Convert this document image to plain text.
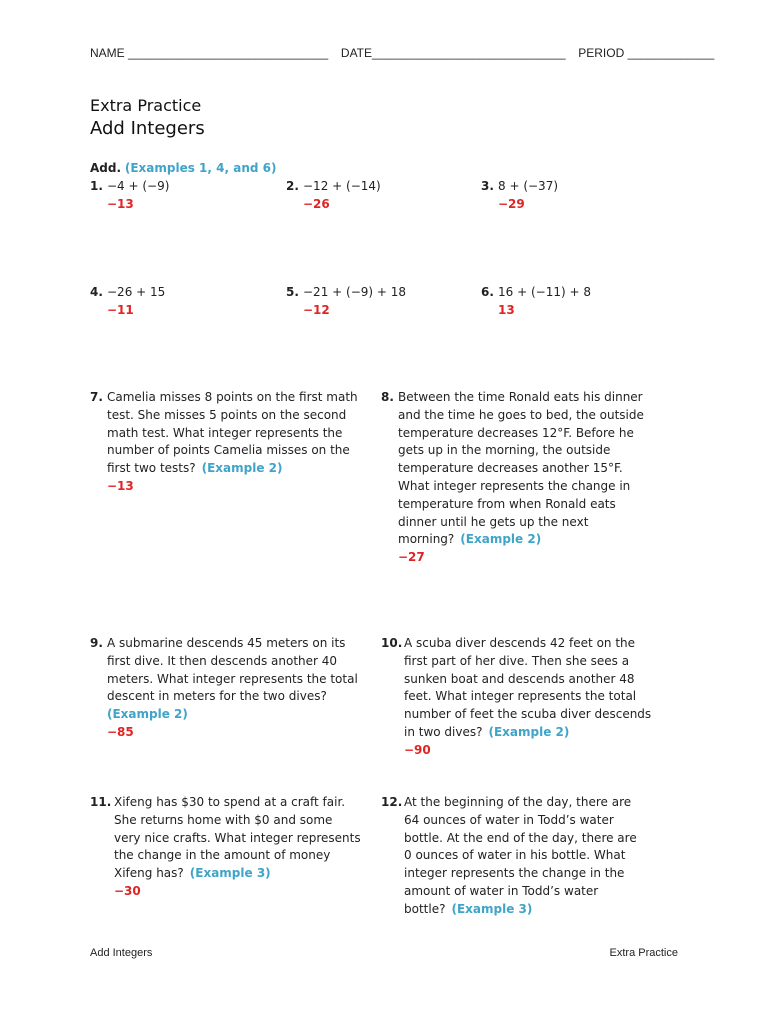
NAME ______________________________ DATE_____________________________ PERIOD _____________
Extra Practice
Add Integers
Add. (Examples 1, 4, and 6)
1. −4 + (−9)
−13
2. −12 + (−14)
−26
3. 8 + (−37)
−29
4. −26 + 15
−11
5. −21 + (−9) + 18
−12
6. 16 + (−11) + 8
13
7. Camelia misses 8 points on the first math
test. She misses 5 points on the second
math test. What integer represents the
number of points Camelia misses on the
first two tests? (Example 2)
−13
8. Between the time Ronald eats his dinner
and the time he goes to bed, the outside
temperature decreases 12°F. Before he
gets up in the morning, the outside
temperature decreases another 15°F.
What integer represents the change in
temperature from when Ronald eats
dinner until he gets up the next
morning? (Example 2)
−27
9. A submarine descends 45 meters on its
first dive. It then descends another 40
meters. What integer represents the total
descent in meters for the two dives?
−85
(Example 2)
10. A scuba diver descends 42 feet on the
first part of her dive. Then she sees a
sunken boat and descends another 48
feet. What integer represents the total
number of feet the scuba diver descends
in two dives? (Example 2)
−90
11. Xifeng has $30 to spend at a craft fair.
She returns home with $0 and some
very nice crafts. What integer represents
the change in the amount of money
Xifeng has? (Example 3)
−30
12. At the beginning of the day, there are
64 ounces of water in Todd’s water
bottle. At the end of the day, there are
0 ounces of water in his bottle. What
integer represents the change in the
amount of water in Todd’s water
bottle? (Example 3)
Add Integers	Extra Practice
